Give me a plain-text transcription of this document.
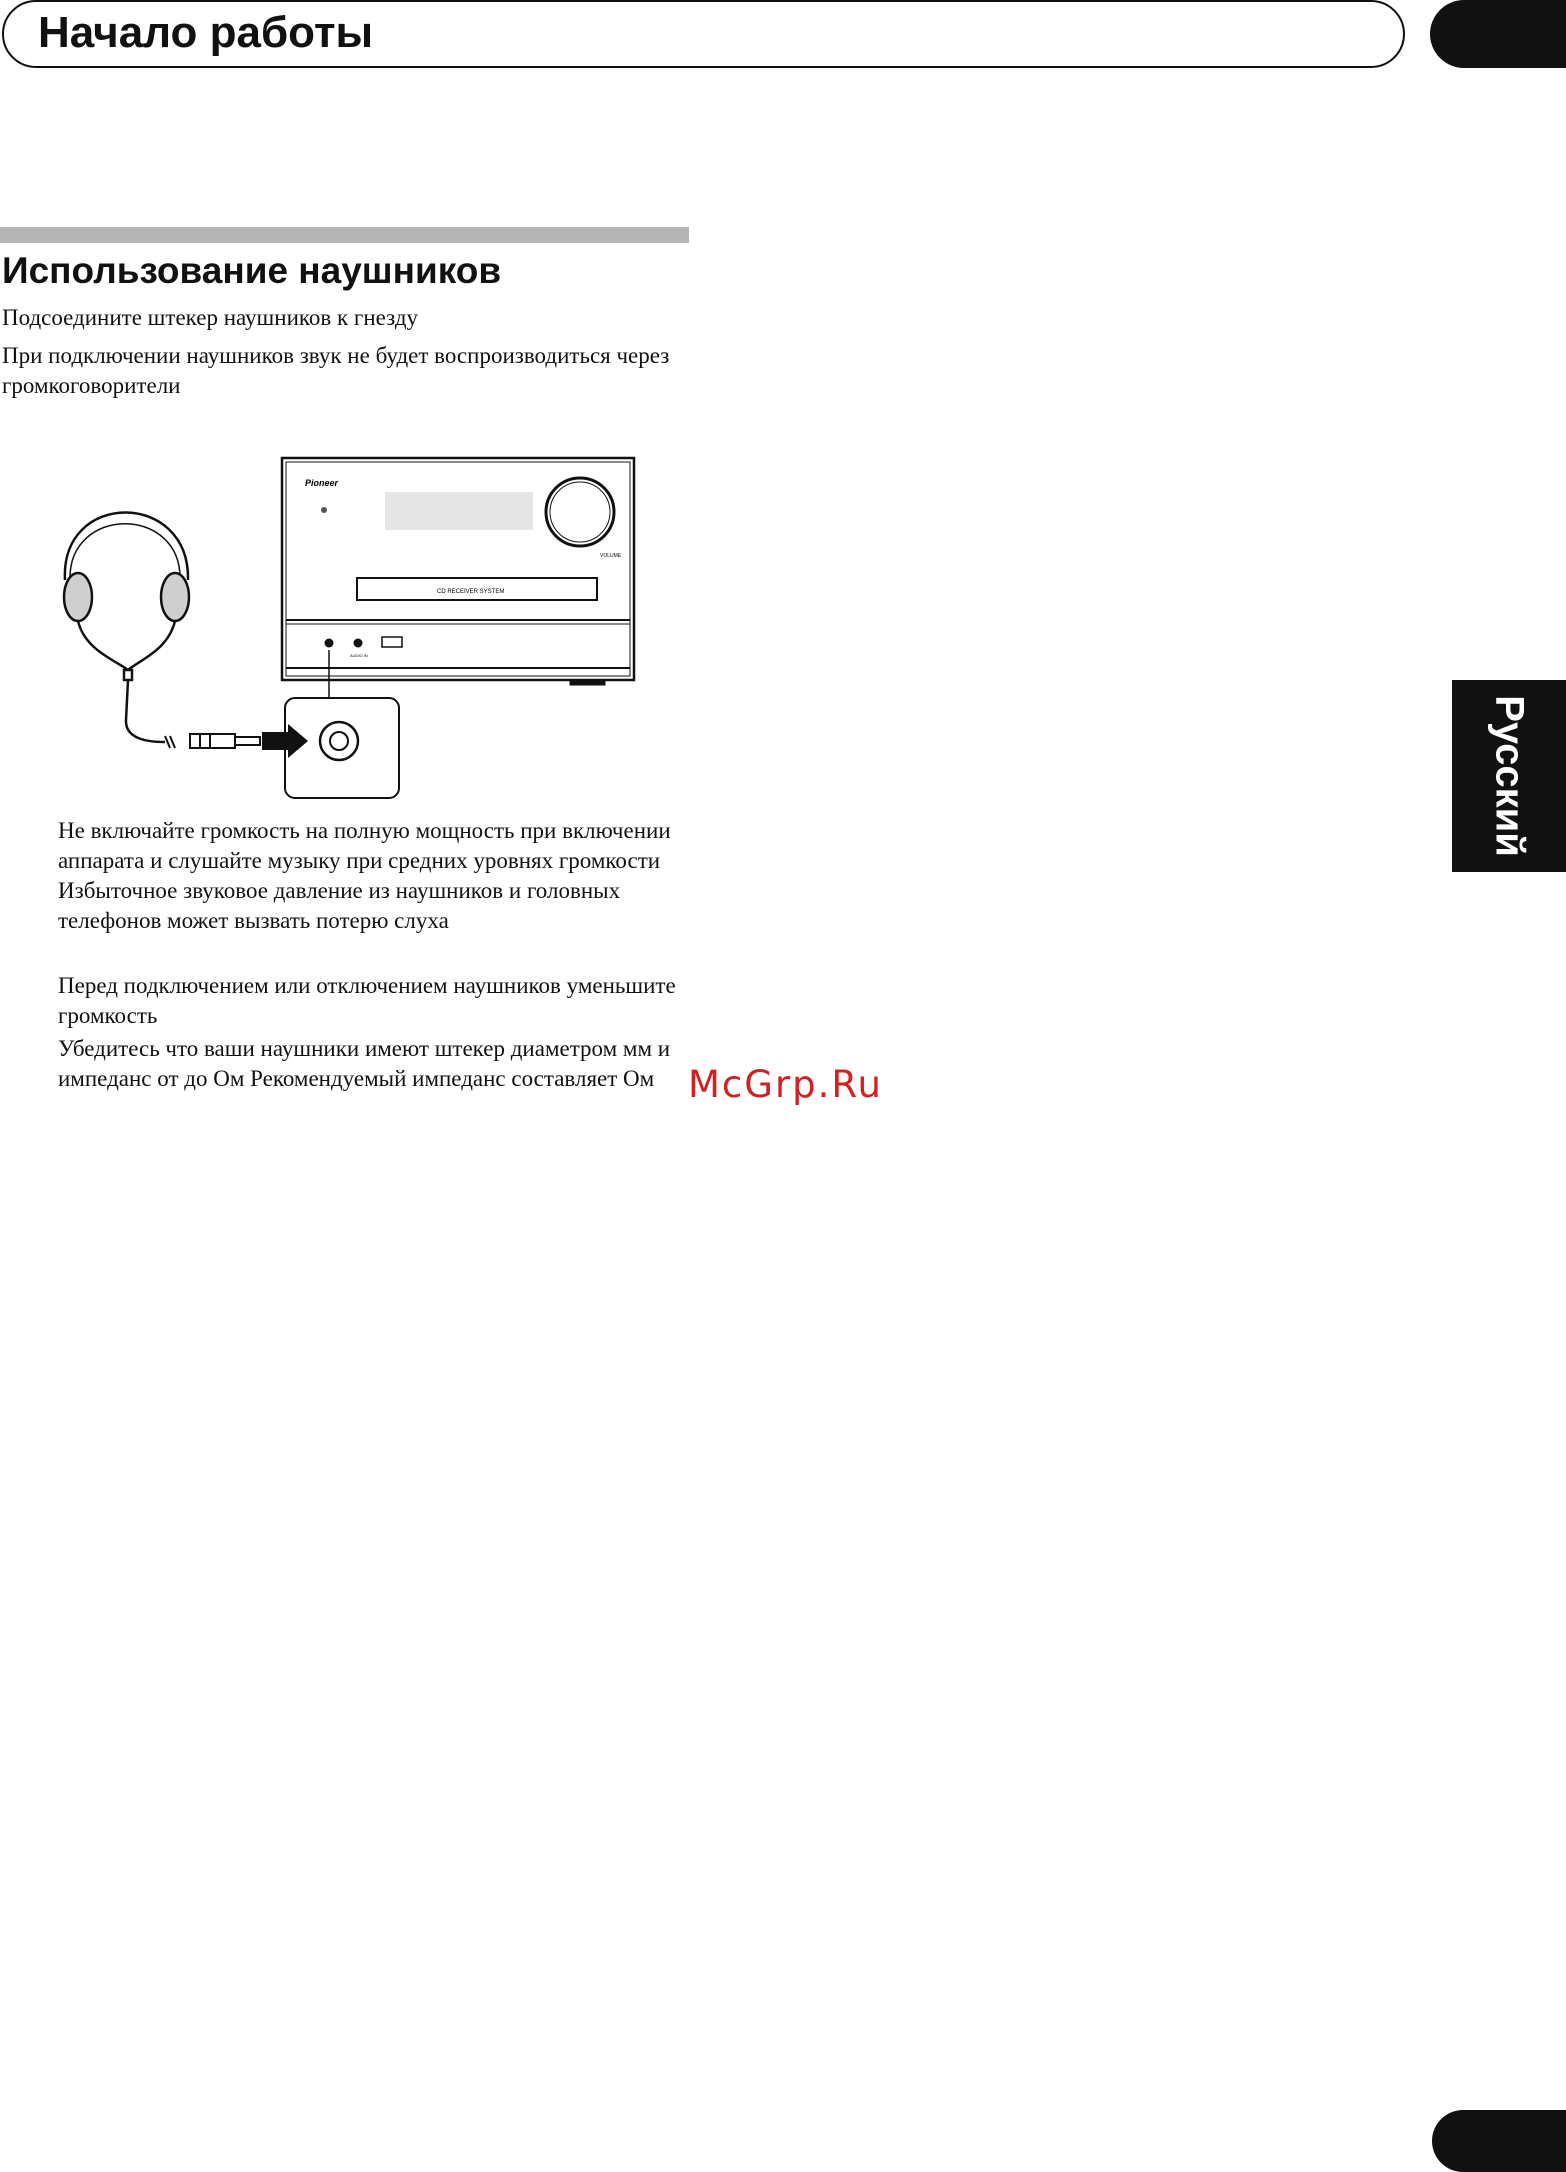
Начало работы
Использование наушников

Подсоедините штекер наушников к гнезду

При подключении наушников звук не будет воспроизводиться через громкоговорители

Pioneer
CD RECEIVER SYSTEM
VOLUME
AUDIO IN

Не включайте громкость на полную мощность при включении аппарата и слушайте музыку при средних уровнях громкости Избыточное звуковое давление из наушников и головных телефонов может вызвать потерю слуха

Перед подключением или отключением наушников уменьшите громкость

Убедитесь что ваши наушники имеют штекер диаметром мм и импеданс от до Ом Рекомендуемый импеданс составляет Ом

Русский
McGrp.Ru
